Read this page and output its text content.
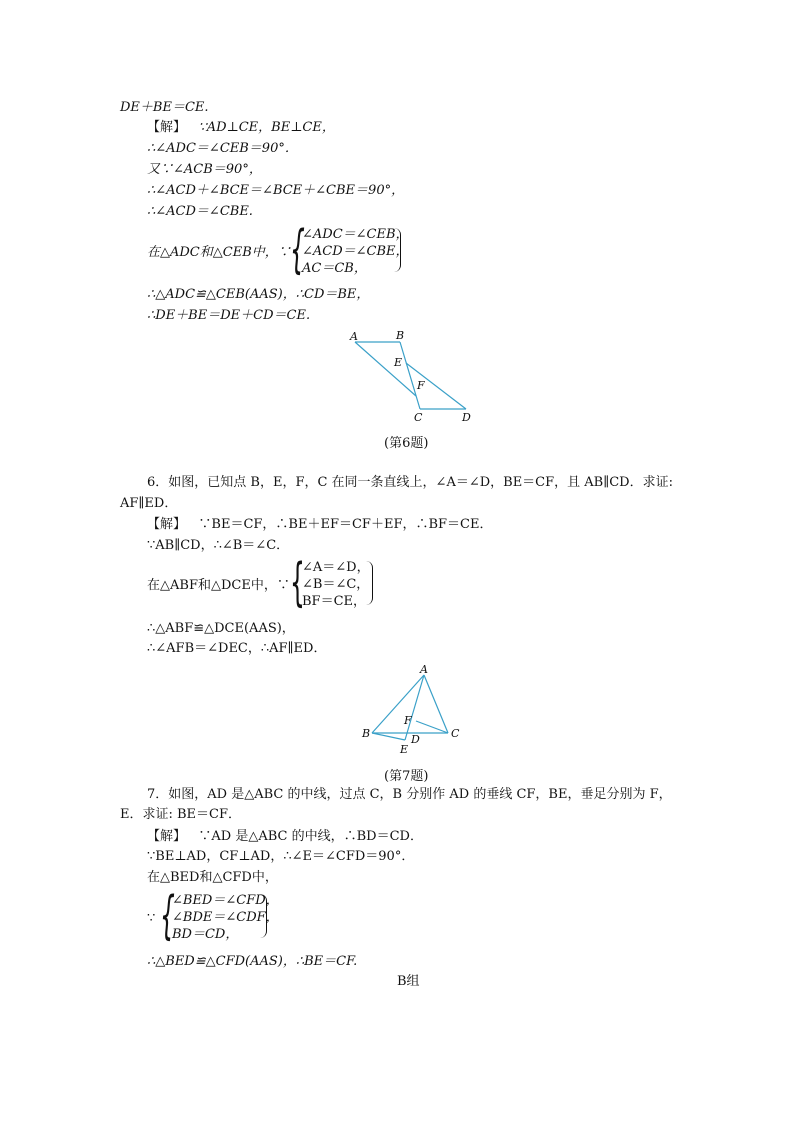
DE＋BE＝CE.
【解】 ∵AD⊥CE，BE⊥CE，
∴∠ADC＝∠CEB＝90°．
又∵∠ACB＝90°，
∴∠ACD＋∠BCE＝∠BCE＋∠CBE＝90°，
∴∠ACD＝∠CBE.
在△ADC和△CEB中，∵ {
∠ADC＝∠CEB，
∠ACD＝∠CBE，
AC＝CB，
∴△ADC≌△CEB(AAS)，∴CD＝BE，
∴DE＋BE＝DE＋CD＝CE.
A	B
E
F
C	D
(第6题)
6．如图，已知点 B，E，F，C 在同一条直线上，∠A＝∠D，BE＝CF，且 AB∥CD．求证:
AF∥ED．
【解】 ∵BE＝CF，∴BE＋EF＝CF＋EF，∴BF＝CE．
∵AB∥CD，∴∠B＝∠C．
在△ABF和△DCE中，∵ {
∠A＝∠D，
∠B＝∠C，
BF＝CE，
∴△ABF≌△DCE(AAS)，
∴∠AFB＝∠DEC，∴AF∥ED．
A
B	C
D
E
F
(第7题)
7．如图，AD 是△ABC 的中线，过点 C，B 分别作 AD 的垂线 CF，BE，垂足分别为 F，
E．求证: BE＝CF．
【解】 ∵AD 是△ABC 的中线，∴BD＝CD．
∵BE⊥AD，CF⊥AD，∴∠E＝∠CFD＝90°．
在△BED和△CFD中，
∵ {
∠BED＝∠CFD，
∠BDE＝∠CDF，
BD＝CD，
∴△BED≌△CFD(AAS)，∴BE＝CF.
B组
